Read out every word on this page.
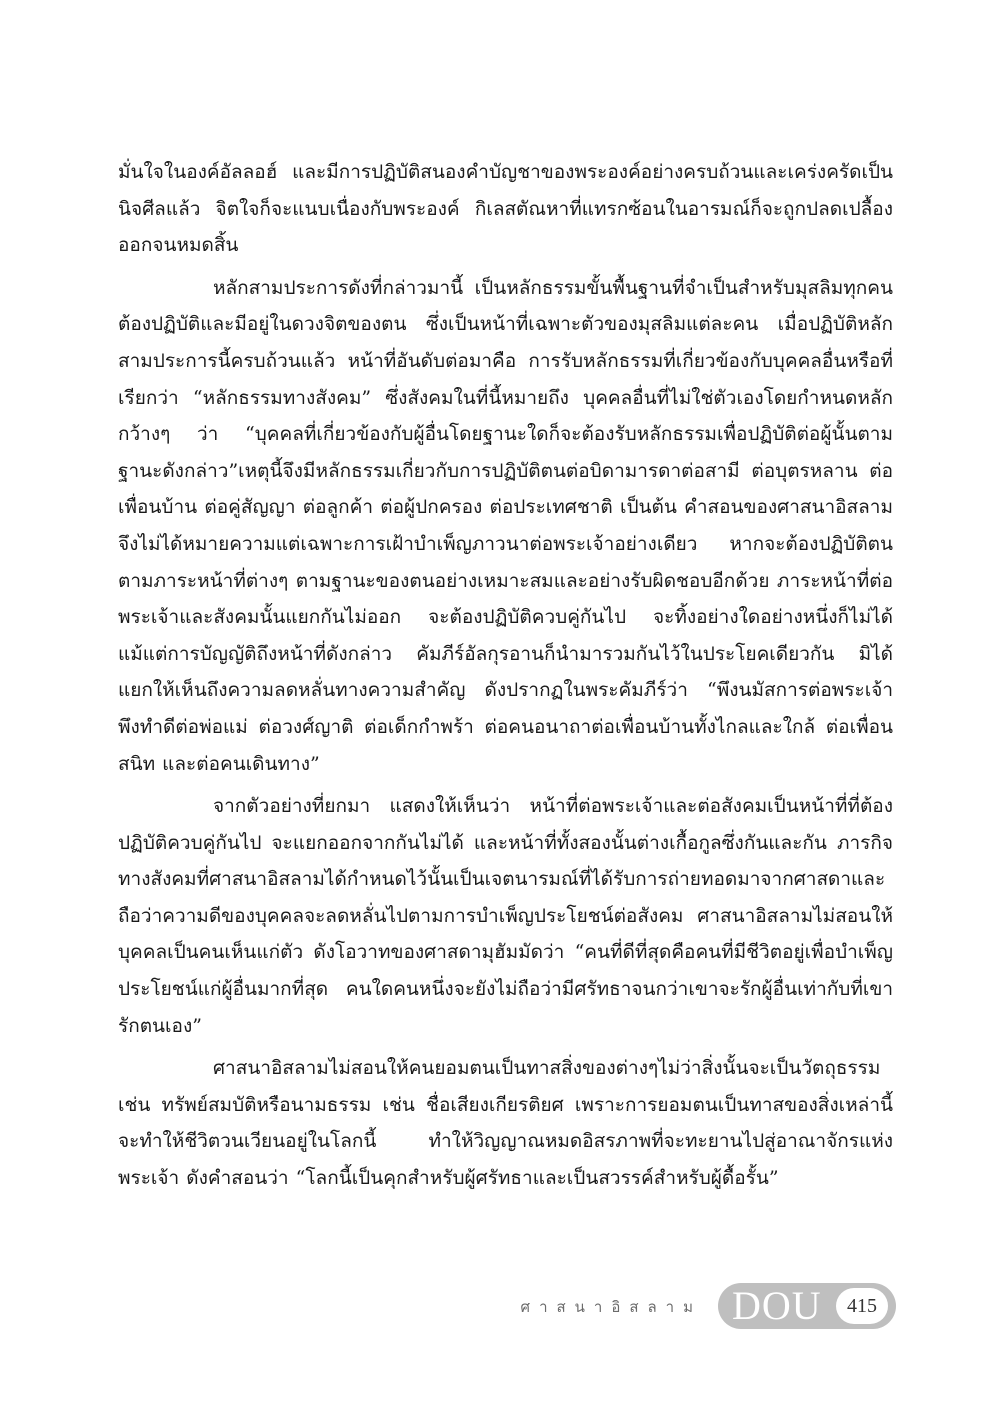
มั่นใจในองค์อัลลอฮ์ และมีการปฏิบัติสนองคำบัญชาของพระองค์อย่างครบถ้วนและเคร่งครัดเป็นนิจศีลแล้ว จิตใจก็จะแนบเนื่องกับพระองค์ กิเลสตัณหาที่แทรกซ้อนในอารมณ์ก็จะถูกปลดเปลื้องออกจนหมดสิ้น

หลักสามประการดังที่กล่าวมานี้ เป็นหลักธรรมขั้นพื้นฐานที่จำเป็นสำหรับมุสลิมทุกคนต้องปฏิบัติและมีอยู่ในดวงจิตของตน ซึ่งเป็นหน้าที่เฉพาะตัวของมุสลิมแต่ละคน เมื่อปฏิบัติหลักสามประการนี้ครบถ้วนแล้ว หน้าที่อันดับต่อมาคือ การรับหลักธรรมที่เกี่ยวข้องกับบุคคลอื่นหรือที่เรียกว่า “หลักธรรมทางสังคม” ซึ่งสังคมในที่นี้หมายถึง บุคคลอื่นที่ไม่ใช่ตัวเองโดยกำหนดหลักกว้างๆ ว่า “บุคคลที่เกี่ยวข้องกับผู้อื่นโดยฐานะใดก็จะต้องรับหลักธรรมเพื่อปฏิบัติต่อผู้นั้นตามฐานะดังกล่าว”เหตุนี้จึงมีหลักธรรมเกี่ยวกับการปฏิบัติตนต่อบิดามารดาต่อสามี ต่อบุตรหลาน ต่อเพื่อนบ้าน ต่อคู่สัญญา ต่อลูกค้า ต่อผู้ปกครอง ต่อประเทศชาติ เป็นต้น คำสอนของศาสนาอิสลามจึงไม่ได้หมายความแต่เฉพาะการเฝ้าบำเพ็ญภาวนาต่อพระเจ้าอย่างเดียว หากจะต้องปฏิบัติตนตามภาระหน้าที่ต่างๆ ตามฐานะของตนอย่างเหมาะสมและอย่างรับผิดชอบอีกด้วย ภาระหน้าที่ต่อพระเจ้าและสังคมนั้นแยกกันไม่ออก จะต้องปฏิบัติควบคู่กันไป จะทิ้งอย่างใดอย่างหนึ่งก็ไม่ได้ แม้แต่การบัญญัติถึงหน้าที่ดังกล่าว คัมภีร์อัลกุรอานก็นำมารวมกันไว้ในประโยคเดียวกัน มิได้แยกให้เห็นถึงความลดหลั่นทางความสำคัญ ดังปรากฏในพระคัมภีร์ว่า “พึงนมัสการต่อพระเจ้า พึงทำดีต่อพ่อแม่ ต่อวงศ์ญาติ ต่อเด็กกำพร้า ต่อคนอนาถาต่อเพื่อนบ้านทั้งไกลและใกล้ ต่อเพื่อนสนิท และต่อคนเดินทาง”

จากตัวอย่างที่ยกมา แสดงให้เห็นว่า หน้าที่ต่อพระเจ้าและต่อสังคมเป็นหน้าที่ที่ต้องปฏิบัติควบคู่กันไป จะแยกออกจากกันไม่ได้ และหน้าที่ทั้งสองนั้นต่างเกื้อกูลซึ่งกันและกัน ภารกิจทางสังคมที่ศาสนาอิสลามได้กำหนดไว้นั้นเป็นเจตนารมณ์ที่ได้รับการถ่ายทอดมาจากศาสดาและถือว่าความดีของบุคคลจะลดหลั่นไปตามการบำเพ็ญประโยชน์ต่อสังคม ศาสนาอิสลามไม่สอนให้บุคคลเป็นคนเห็นแก่ตัว ดังโอวาทของศาสดามุฮัมมัดว่า “คนที่ดีที่สุดคือคนที่มีชีวิตอยู่เพื่อบำเพ็ญประโยชน์แก่ผู้อื่นมากที่สุด คนใดคนหนึ่งจะยังไม่ถือว่ามีศรัทธาจนกว่าเขาจะรักผู้อื่นเท่ากับที่เขารักตนเอง”

ศาสนาอิสลามไม่สอนให้คนยอมตนเป็นทาสสิ่งของต่างๆไม่ว่าสิ่งนั้นจะเป็นวัตถุธรรม เช่น ทรัพย์สมบัติหรือนามธรรม เช่น ชื่อเสียงเกียรติยศ เพราะการยอมตนเป็นทาสของสิ่งเหล่านี้จะทำให้ชีวิตวนเวียนอยู่ในโลกนี้ ทำให้วิญญาณหมดอิสรภาพที่จะทะยานไปสู่อาณาจักรแห่งพระเจ้า ดังคำสอนว่า “โลกนี้เป็นคุกสำหรับผู้ศรัทธาและเป็นสวรรค์สำหรับผู้ดื้อรั้น”

ศาสนาอิสลาม DOU	415
